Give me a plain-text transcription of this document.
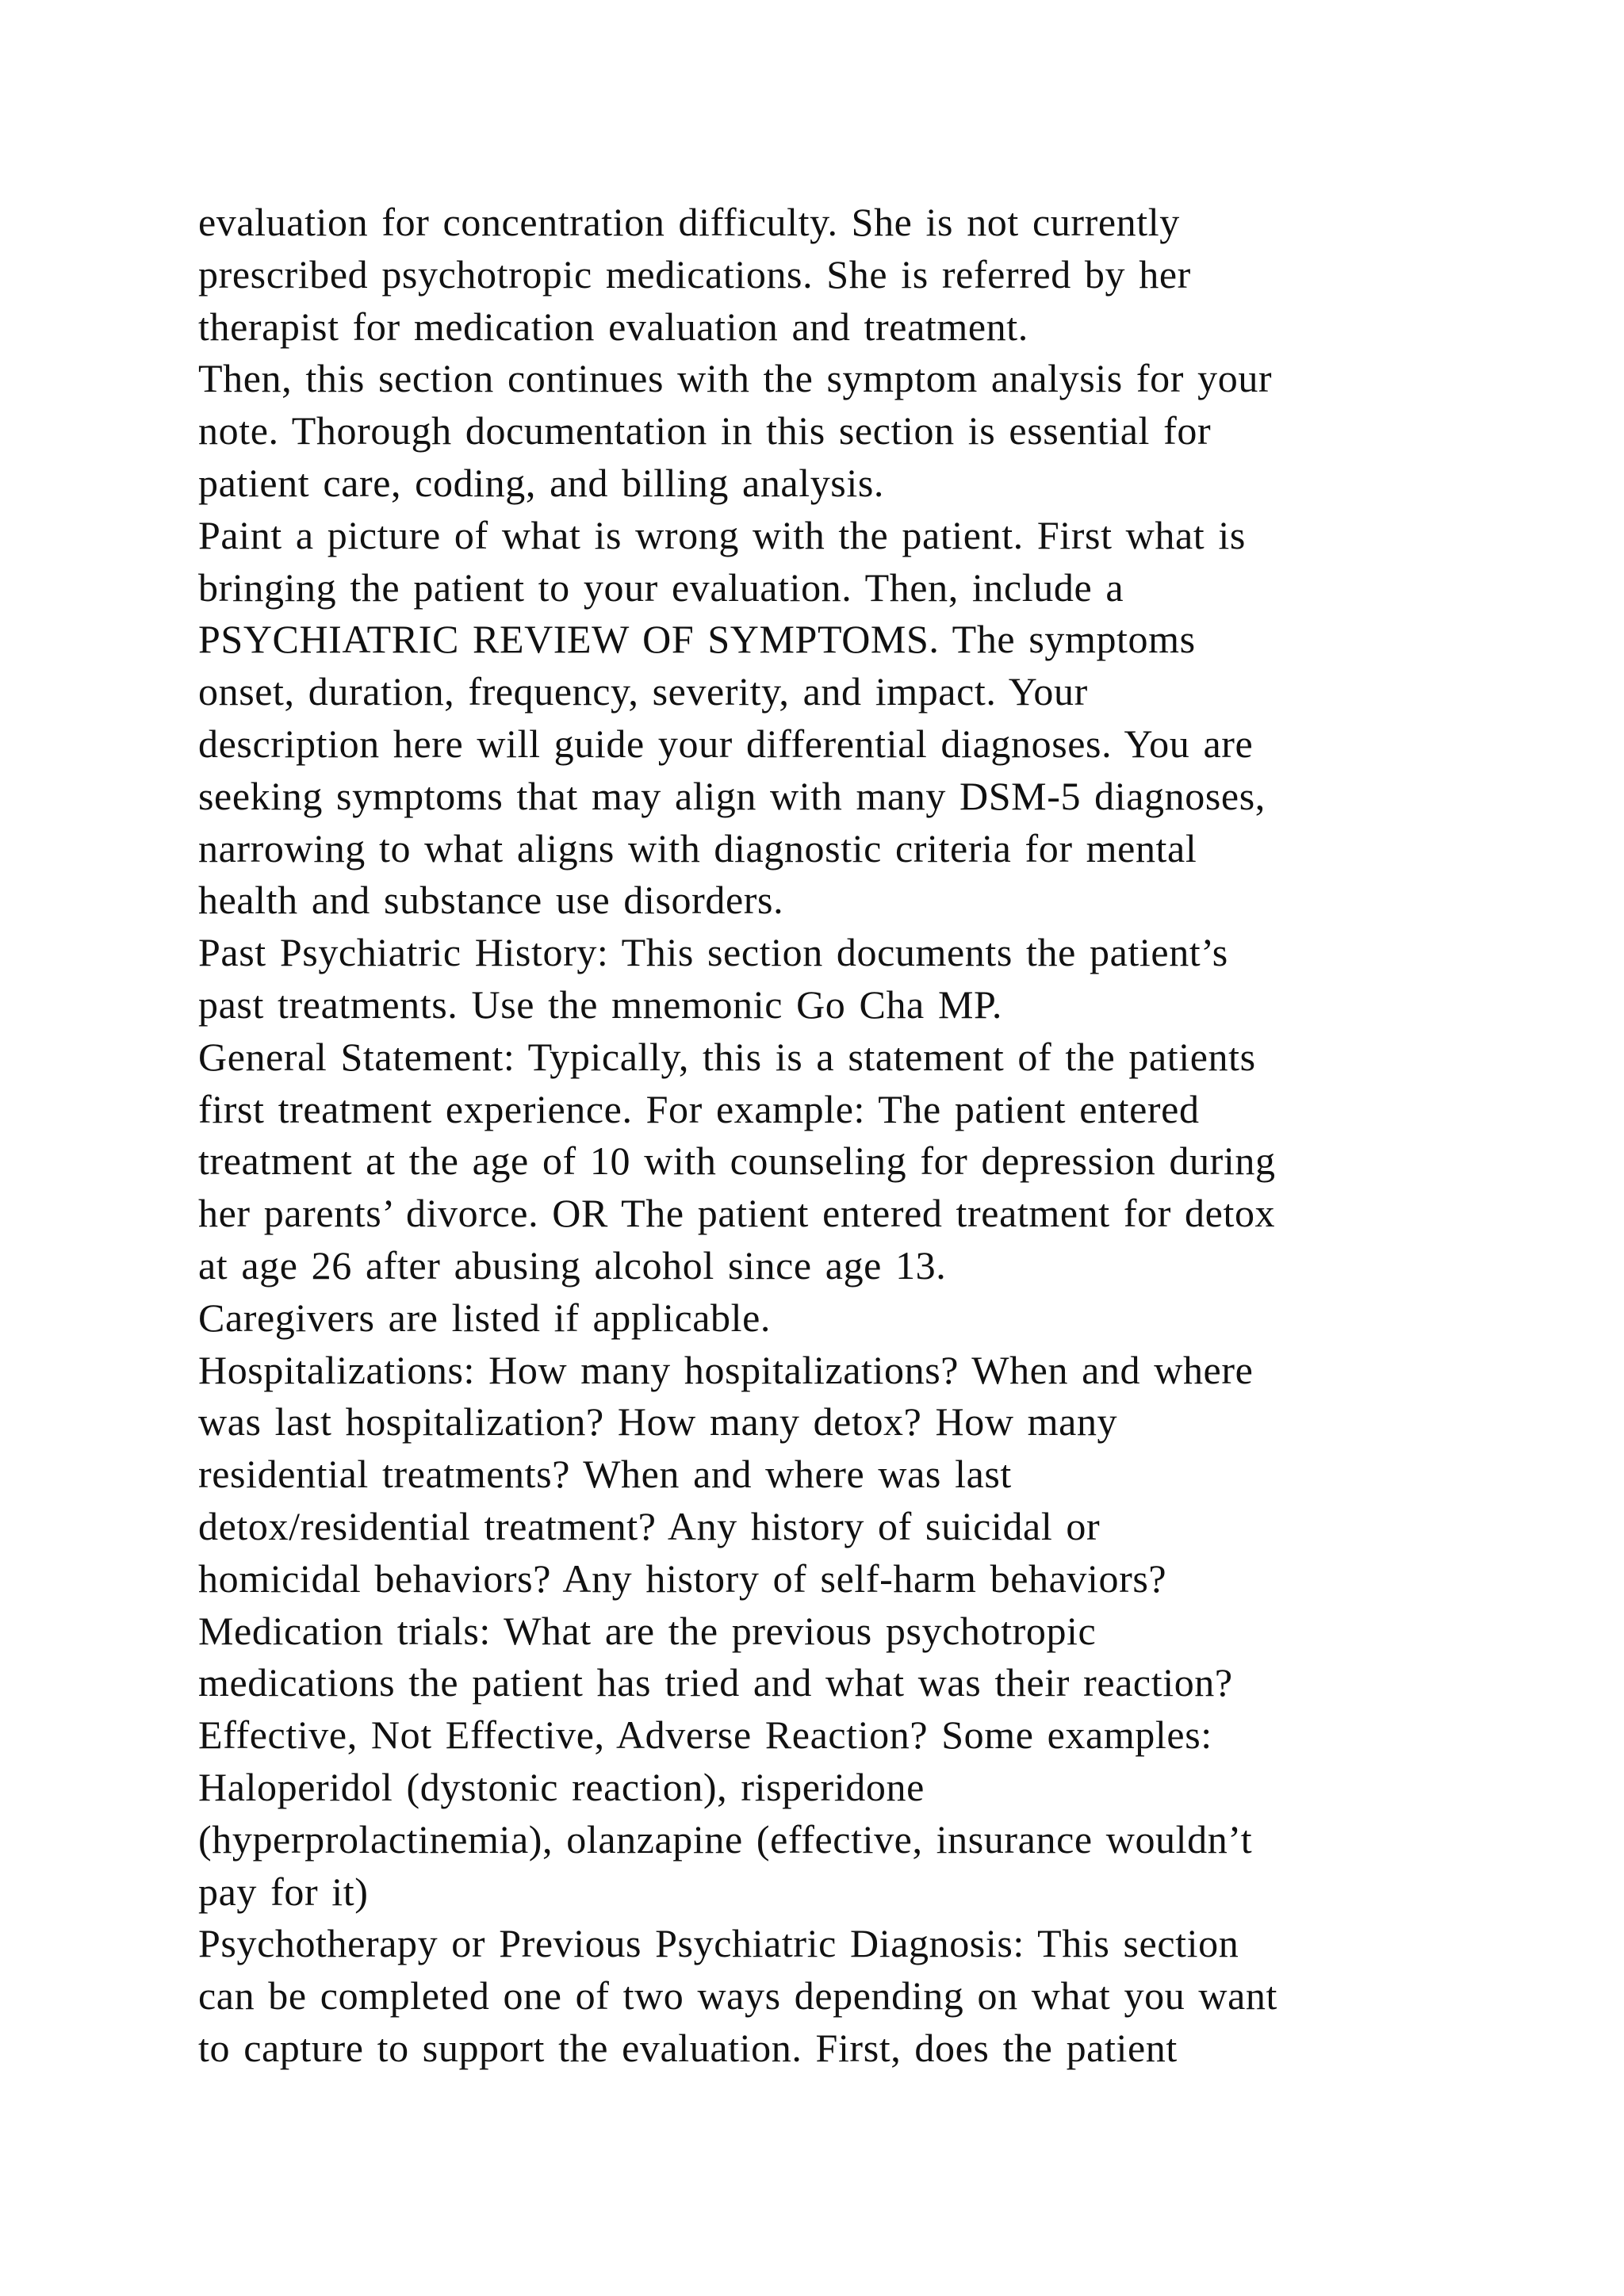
evaluation for concentration difficulty. She is not currently
prescribed psychotropic medications. She is referred by her
therapist for medication evaluation and treatment.
Then, this section continues with the symptom analysis for your
note. Thorough documentation in this section is essential for
patient care, coding, and billing analysis.
Paint a picture of what is wrong with the patient. First what is
bringing the patient to your evaluation. Then, include a
PSYCHIATRIC REVIEW OF SYMPTOMS. The symptoms
onset, duration, frequency, severity, and impact. Your
description here will guide your differential diagnoses. You are
seeking symptoms that may align with many DSM-5 diagnoses,
narrowing to what aligns with diagnostic criteria for mental
health and substance use disorders.
Past Psychiatric History: This section documents the patient’s
past treatments. Use the mnemonic Go Cha MP.
General Statement: Typically, this is a statement of the patients
first treatment experience. For example: The patient entered
treatment at the age of 10 with counseling for depression during
her parents’ divorce. OR The patient entered treatment for detox
at age 26 after abusing alcohol since age 13.
Caregivers are listed if applicable.
Hospitalizations: How many hospitalizations? When and where
was last hospitalization? How many detox? How many
residential treatments? When and where was last
detox/residential treatment? Any history of suicidal or
homicidal behaviors? Any history of self-harm behaviors?
Medication trials: What are the previous psychotropic
medications the patient has tried and what was their reaction?
Effective, Not Effective, Adverse Reaction? Some examples:
Haloperidol (dystonic reaction), risperidone
(hyperprolactinemia), olanzapine (effective, insurance wouldn’t
pay for it)
Psychotherapy or Previous Psychiatric Diagnosis: This section
can be completed one of two ways depending on what you want
to capture to support the evaluation. First, does the patient
